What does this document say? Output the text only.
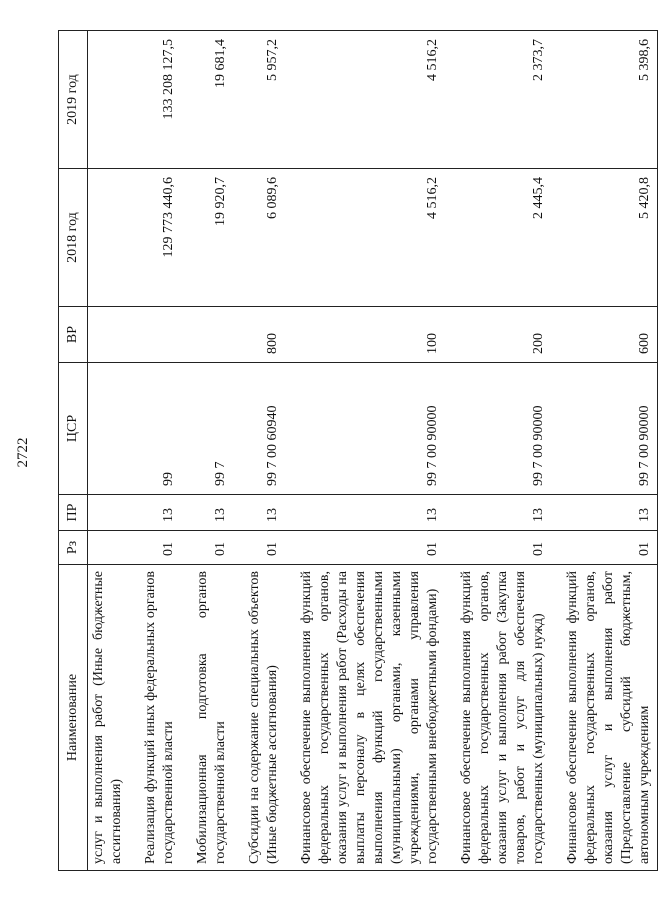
2722
Наименование	Рз	ПР	ЦСР	ВР	2018 год	2019 год
услуг и выполнения работ (Иные бюджетные ассигнования)						

Реализация функций иных федеральных органов государственной власти	01	13	99		129 773 440,6	133 208 127,5

Мобилизационная подготовка органов государственной власти	01	13	99 7		19 920,7	19 681,4

Субсидии на содержание специальных объектов (Иные бюджетные ассигнования)	01	13	99 7 00 60940	800	6 089,6	5 957,2

Финансовое обеспечение выполнения функций федеральных государственных органов, оказания услуг и выполнения работ (Расходы на выплаты персоналу в целях обеспечения выполнения функций государственными (муниципальными) органами, казенными учреждениями, органами управления государственными внебюджетными фондами)	01	13	99 7 00 90000	100	4 516,2	4 516,2

Финансовое обеспечение выполнения функций федеральных государственных органов, оказания услуг и выполнения работ (Закупка товаров, работ и услуг для обеспечения государственных (муниципальных) нужд)	01	13	99 7 00 90000	200	2 445,4	2 373,7

Финансовое обеспечение выполнения функций федеральных государственных органов, оказания услуг и выполнения работ (Предоставление субсидий бюджетным, автономным учреждениям	01	13	99 7 00 90000	600	5 420,8	5 398,6
